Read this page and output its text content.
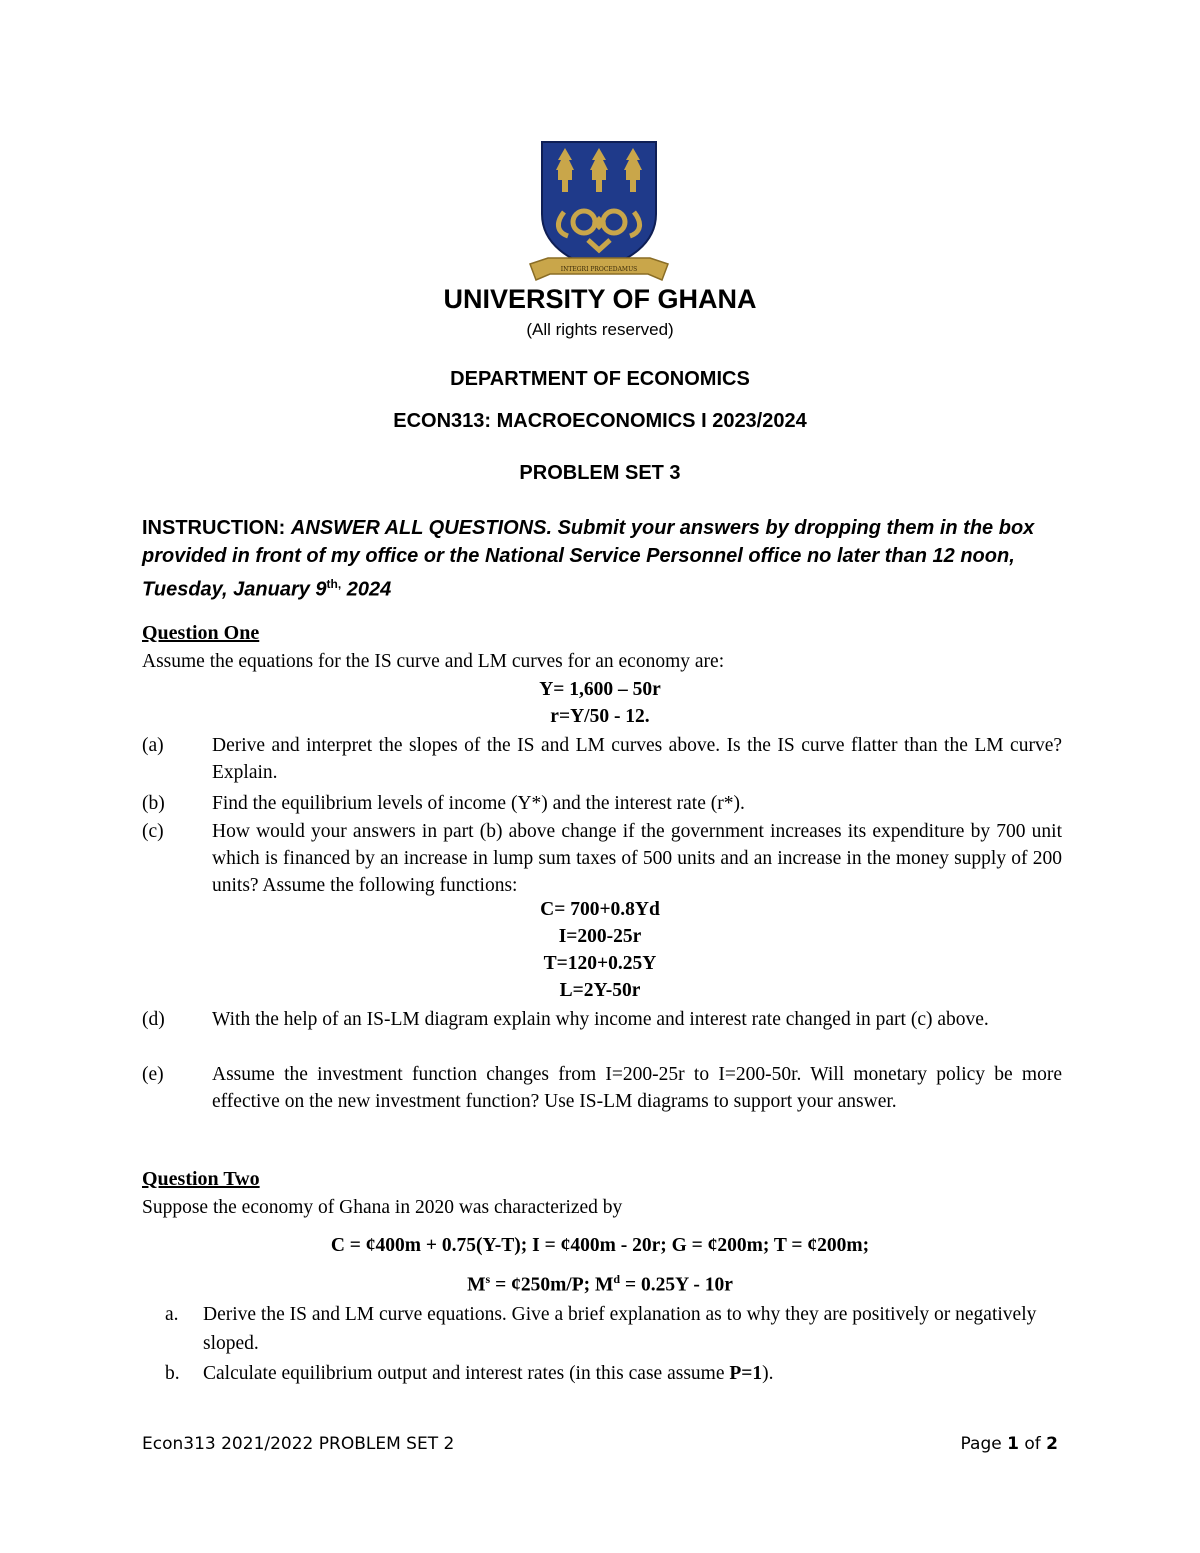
INTEGRI PROCEDAMUS
UNIVERSITY OF GHANA
(All rights reserved)
DEPARTMENT OF ECONOMICS
ECON313: MACROECONOMICS I 2023/2024
PROBLEM SET 3
INSTRUCTION: ANSWER ALL QUESTIONS. Submit your answers by dropping them in the box provided in front of my office or the National Service Personnel office no later than 12 noon, Tuesday, January $9^{th,}$ 2024
Question One
Assume the equations for the IS curve and LM curves for an economy are:
Y= 1,600 – 50r
r=Y/50 - 12.
(a)	Derive and interpret the slopes of the IS and LM curves above. Is the IS curve flatter than the LM curve? Explain.
(b)	Find the equilibrium levels of income (Y*) and the interest rate (r*).
(c)	How would your answers in part (b) above change if the government increases its expenditure by 700 unit which is financed by an increase in lump sum taxes of 500 units and an increase in the money supply of 200 units? Assume the following functions:
C= 700+0.8Yd
I=200-25r
T=120+0.25Y
L=2Y-50r
(d)	With the help of an IS-LM diagram explain why income and interest rate changed in part (c) above.
(e)	Assume the investment function changes from I=200-25r to I=200-50r. Will monetary policy be more effective on the new investment function? Use IS-LM diagrams to support your answer.
Question Two
Suppose the economy of Ghana in 2020 was characterized by
C = ¢400m + 0.75(Y-T); I = ¢400m - 20r; G = ¢200m; T = ¢200m;
$M^s$ = ¢250m/P; $M^d = 0.25Y - 10r$
a.	Derive the IS and LM curve equations. Give a brief explanation as to why they are positively or negatively sloped.
b.	Calculate equilibrium output and interest rates (in this case assume P=1).
Econ313 2021/2022 PROBLEM SET 2	Page 1 of 2
